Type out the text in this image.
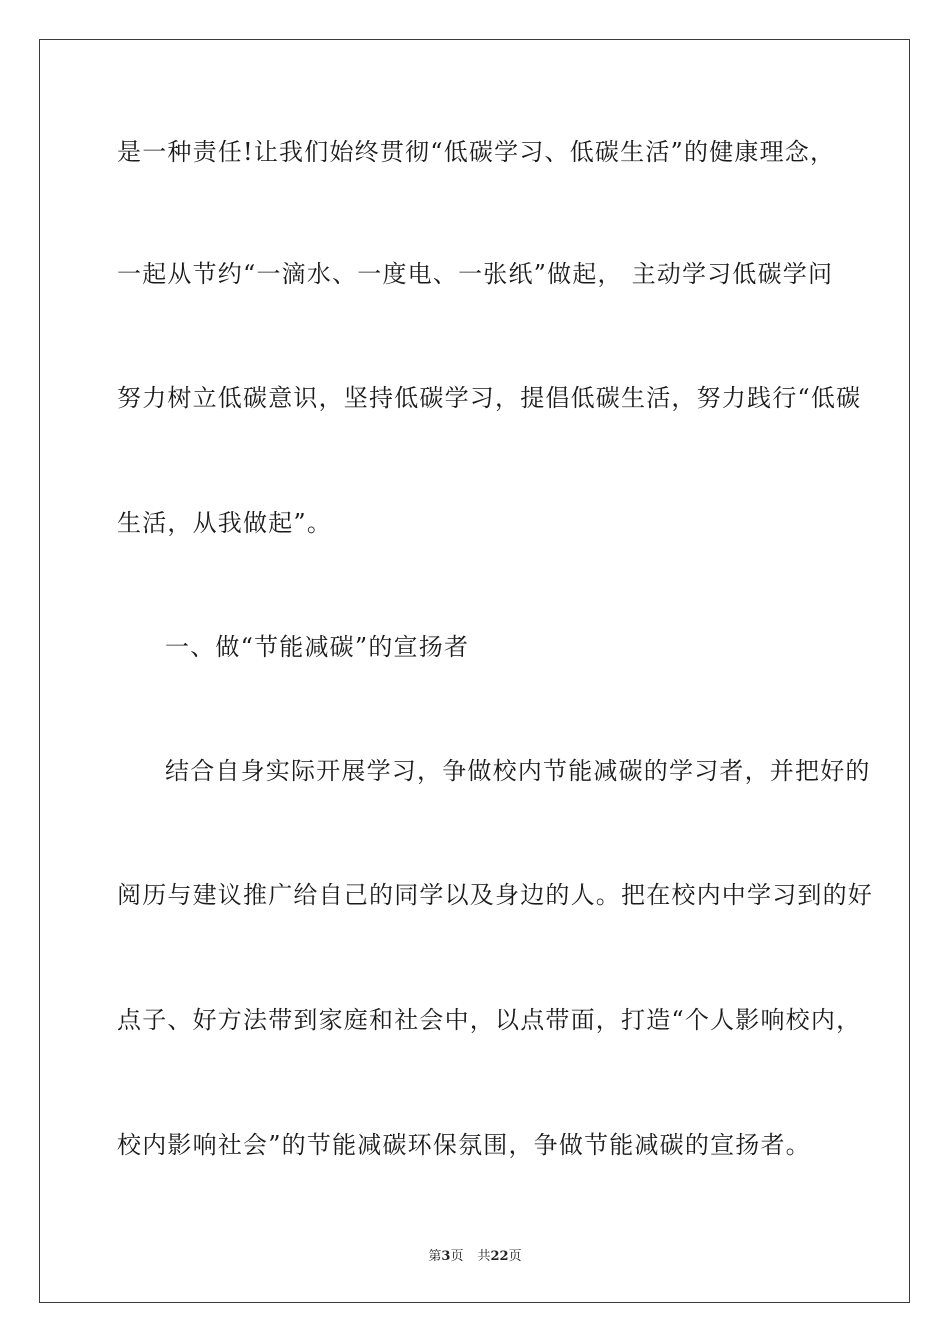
是一种责任!让我们始终贯彻“低碳学习、低碳生活”的健康理念，
一起从节约“一滴水、一度电、一张纸”做起， 主动学习低碳学问
努力树立低碳意识，坚持低碳学习，提倡低碳生活，努力践行“低碳
生活，从我做起”。
一、做“节能减碳”的宣扬者
结合自身实际开展学习，争做校内节能减碳的学习者，并把好的
阅历与建议推广给自己的同学以及身边的人。把在校内中学习到的好
点子、好方法带到家庭和社会中，以点带面，打造“个人影响校内，
校内影响社会”的节能减碳环保氛围，争做节能减碳的宣扬者。
第3页 共22页
